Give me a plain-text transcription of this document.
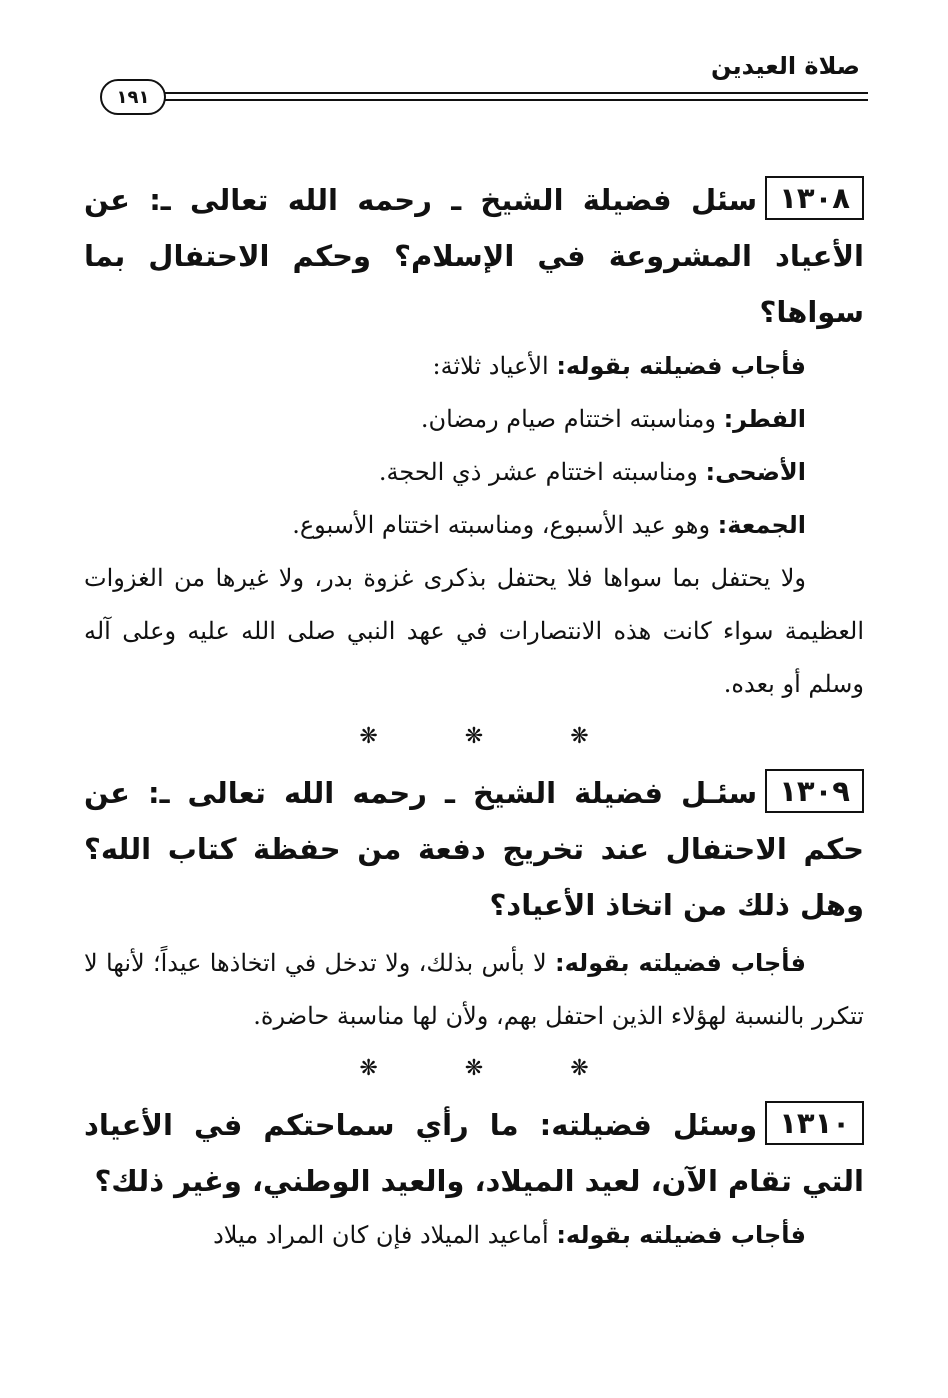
صلاة العيدين
١٩١

١٣٠٨سئل فضيلة الشيخ ـ رحمه الله تعالى ـ: عن الأعياد المشروعة في الإسلام؟ وحكم الاحتفال بما سواها؟

فأجاب فضيلته بقوله: الأعياد ثلاثة:

الفطر: ومناسبته اختتام صيام رمضان.

الأضحى: ومناسبته اختتام عشر ذي الحجة.

الجمعة: وهو عيد الأسبوع، ومناسبته اختتام الأسبوع.

ولا يحتفل بما سواها فلا يحتفل بذكرى غزوة بدر، ولا غيرها من الغزوات العظيمة سواء كانت هذه الانتصارات في عهد النبي صلى الله عليه وعلى آله وسلم أو بعده.

❋ ❋ ❋

١٣٠٩سئـل فضيلة الشيخ ـ رحمه الله تعالى ـ: عن حكم الاحتفال عند تخريج دفعة من حفظة كتاب الله؟ وهل ذلك من اتخاذ الأعياد؟

فأجاب فضيلته بقوله: لا بأس بذلك، ولا تدخل في اتخاذها عيداً؛ لأنها لا تتكرر بالنسبة لهؤلاء الذين احتفل بهم، ولأن لها مناسبة حاضرة.

❋ ❋ ❋

١٣١٠وسئل فضيلته: ما رأي سماحتكم في الأعياد التي تقام الآن، لعيد الميلاد، والعيد الوطني، وغير ذلك؟

فأجاب فضيلته بقوله: أماعيد الميلاد فإن كان المراد ميلاد
